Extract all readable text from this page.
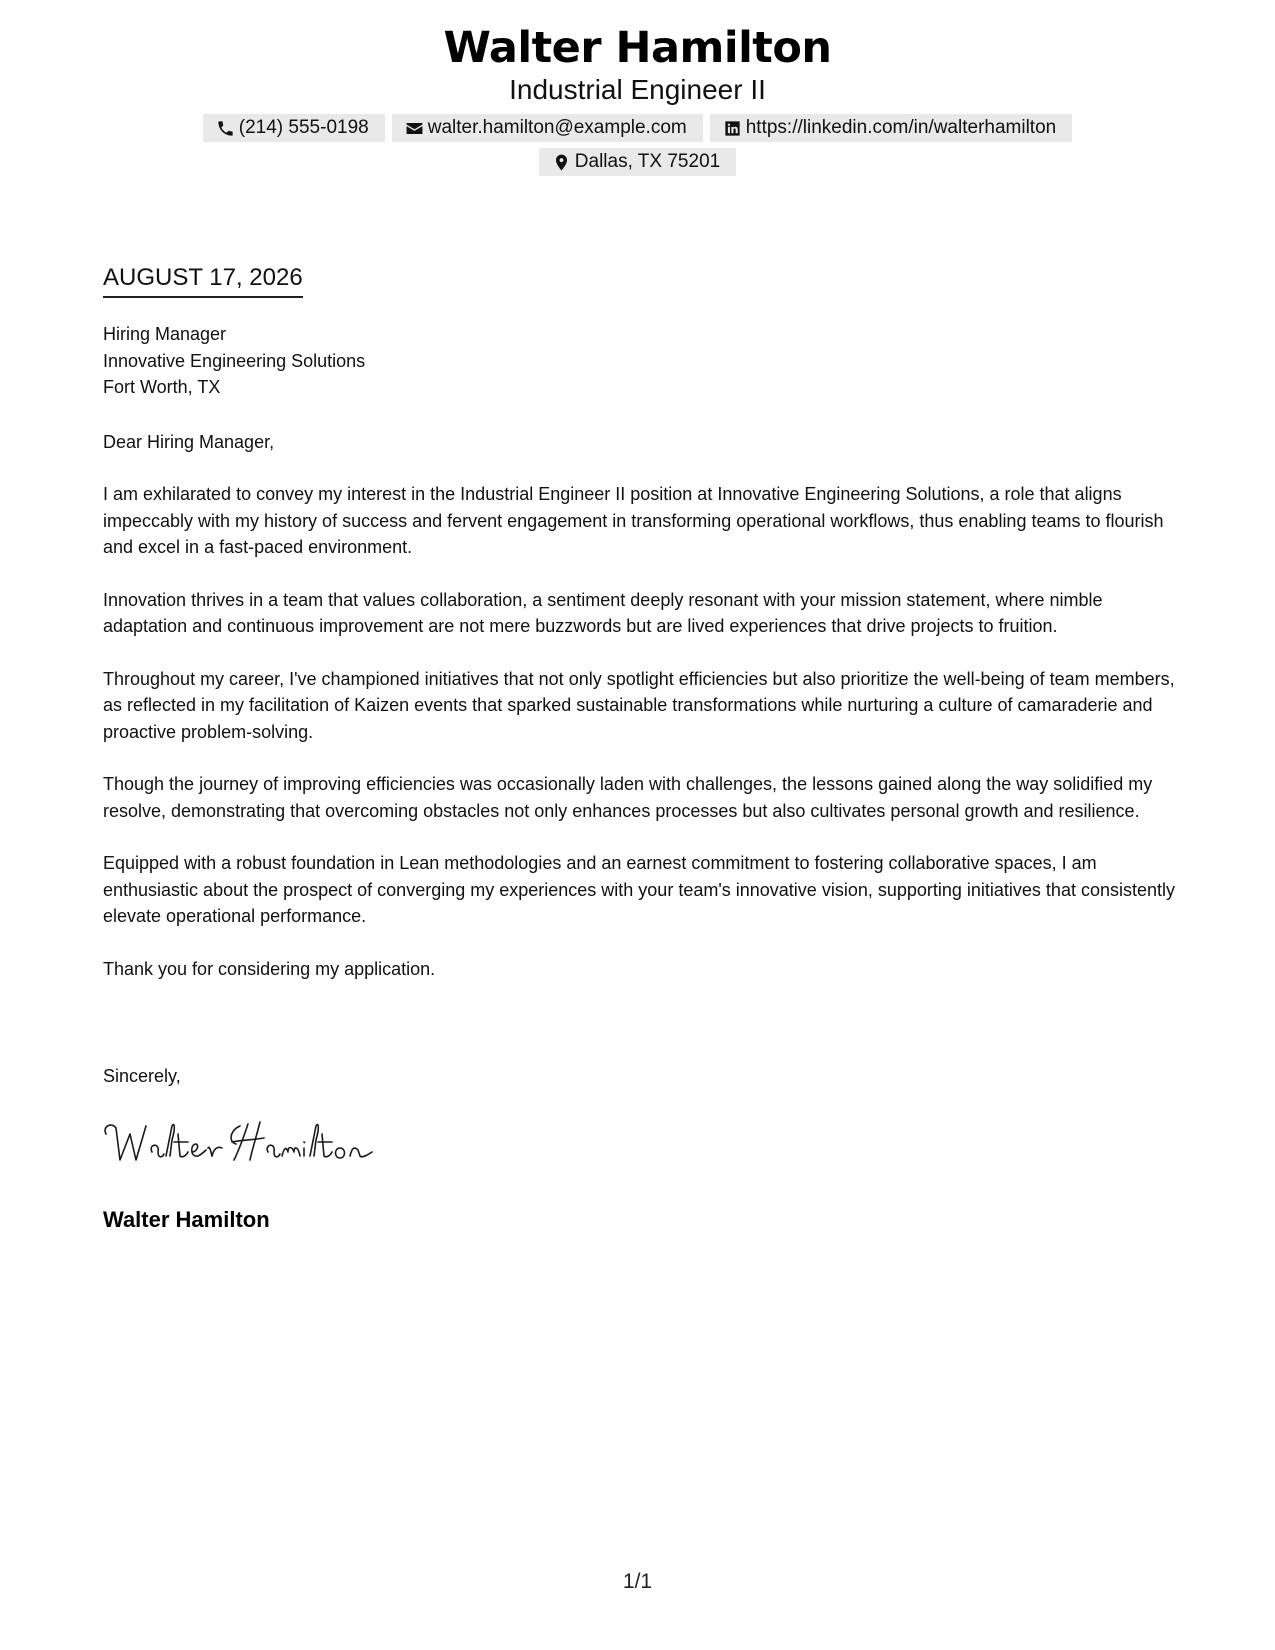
Walter Hamilton
Industrial Engineer II
(214) 555-0198	walter.hamilton@example.com	https://linkedin.com/in/walterhamilton
Dallas, TX 75201
AUGUST 17, 2026
Hiring Manager
Innovative Engineering Solutions
Fort Worth, TX

Dear Hiring Manager,

I am exhilarated to convey my interest in the Industrial Engineer II position at Innovative Engineering Solutions, a role that aligns impeccably with my history of success and fervent engagement in transforming operational workflows, thus enabling teams to flourish and excel in a fast-paced environment.

Innovation thrives in a team that values collaboration, a sentiment deeply resonant with your mission statement, where nimble adaptation and continuous improvement are not mere buzzwords but are lived experiences that drive projects to fruition.

Throughout my career, I've championed initiatives that not only spotlight efficiencies but also prioritize the well-being of team members, as reflected in my facilitation of Kaizen events that sparked sustainable transformations while nurturing a culture of camaraderie and proactive problem-solving.

Though the journey of improving efficiencies was occasionally laden with challenges, the lessons gained along the way solidified my resolve, demonstrating that overcoming obstacles not only enhances processes but also cultivates personal growth and resilience.

Equipped with a robust foundation in Lean methodologies and an earnest commitment to fostering collaborative spaces, I am enthusiastic about the prospect of converging my experiences with your team's innovative vision, supporting initiatives that consistently elevate operational performance.

Thank you for considering my application.

Sincerely,
Walter Hamilton
1/1
